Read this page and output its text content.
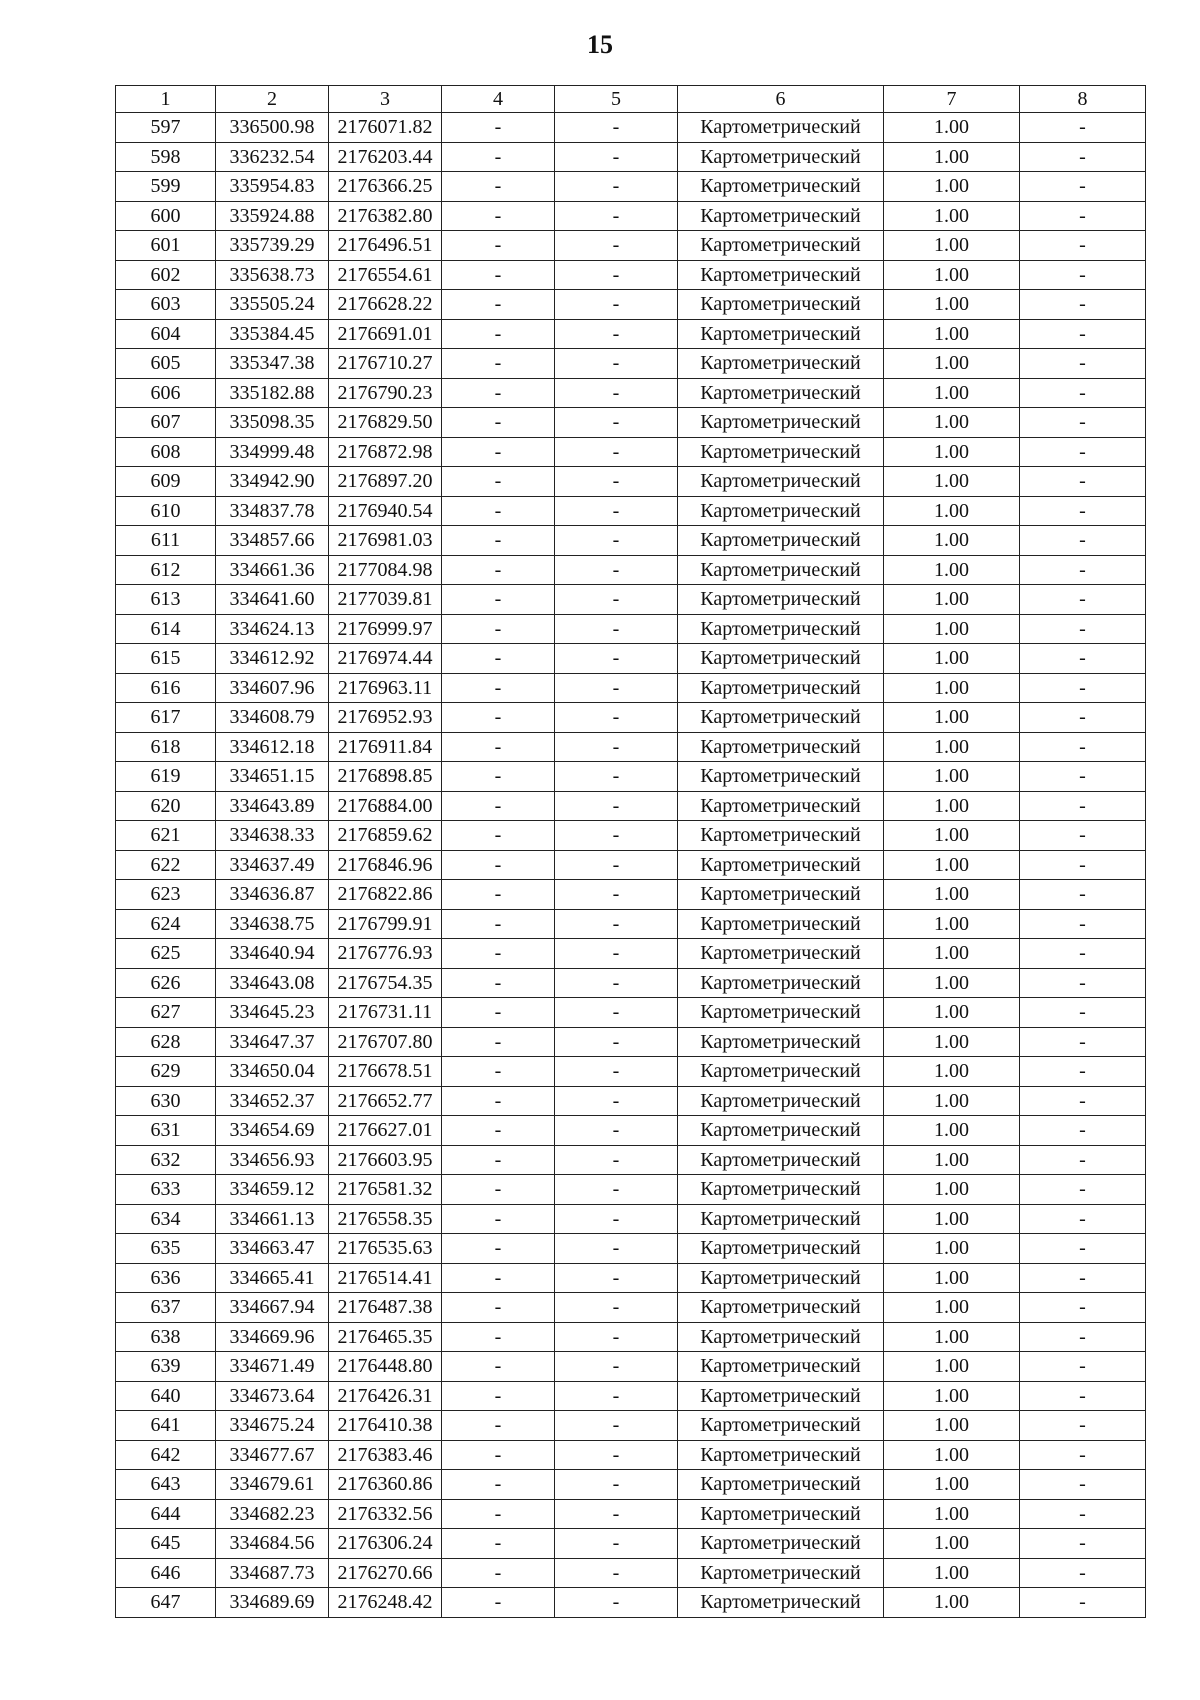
15
1	2	3	4	5	6	7	8
597	336500.98	2176071.82	-	-	Картометрический	1.00	-
598	336232.54	2176203.44	-	-	Картометрический	1.00	-
599	335954.83	2176366.25	-	-	Картометрический	1.00	-
600	335924.88	2176382.80	-	-	Картометрический	1.00	-
601	335739.29	2176496.51	-	-	Картометрический	1.00	-
602	335638.73	2176554.61	-	-	Картометрический	1.00	-
603	335505.24	2176628.22	-	-	Картометрический	1.00	-
604	335384.45	2176691.01	-	-	Картометрический	1.00	-
605	335347.38	2176710.27	-	-	Картометрический	1.00	-
606	335182.88	2176790.23	-	-	Картометрический	1.00	-
607	335098.35	2176829.50	-	-	Картометрический	1.00	-
608	334999.48	2176872.98	-	-	Картометрический	1.00	-
609	334942.90	2176897.20	-	-	Картометрический	1.00	-
610	334837.78	2176940.54	-	-	Картометрический	1.00	-
611	334857.66	2176981.03	-	-	Картометрический	1.00	-
612	334661.36	2177084.98	-	-	Картометрический	1.00	-
613	334641.60	2177039.81	-	-	Картометрический	1.00	-
614	334624.13	2176999.97	-	-	Картометрический	1.00	-
615	334612.92	2176974.44	-	-	Картометрический	1.00	-
616	334607.96	2176963.11	-	-	Картометрический	1.00	-
617	334608.79	2176952.93	-	-	Картометрический	1.00	-
618	334612.18	2176911.84	-	-	Картометрический	1.00	-
619	334651.15	2176898.85	-	-	Картометрический	1.00	-
620	334643.89	2176884.00	-	-	Картометрический	1.00	-
621	334638.33	2176859.62	-	-	Картометрический	1.00	-
622	334637.49	2176846.96	-	-	Картометрический	1.00	-
623	334636.87	2176822.86	-	-	Картометрический	1.00	-
624	334638.75	2176799.91	-	-	Картометрический	1.00	-
625	334640.94	2176776.93	-	-	Картометрический	1.00	-
626	334643.08	2176754.35	-	-	Картометрический	1.00	-
627	334645.23	2176731.11	-	-	Картометрический	1.00	-
628	334647.37	2176707.80	-	-	Картометрический	1.00	-
629	334650.04	2176678.51	-	-	Картометрический	1.00	-
630	334652.37	2176652.77	-	-	Картометрический	1.00	-
631	334654.69	2176627.01	-	-	Картометрический	1.00	-
632	334656.93	2176603.95	-	-	Картометрический	1.00	-
633	334659.12	2176581.32	-	-	Картометрический	1.00	-
634	334661.13	2176558.35	-	-	Картометрический	1.00	-
635	334663.47	2176535.63	-	-	Картометрический	1.00	-
636	334665.41	2176514.41	-	-	Картометрический	1.00	-
637	334667.94	2176487.38	-	-	Картометрический	1.00	-
638	334669.96	2176465.35	-	-	Картометрический	1.00	-
639	334671.49	2176448.80	-	-	Картометрический	1.00	-
640	334673.64	2176426.31	-	-	Картометрический	1.00	-
641	334675.24	2176410.38	-	-	Картометрический	1.00	-
642	334677.67	2176383.46	-	-	Картометрический	1.00	-
643	334679.61	2176360.86	-	-	Картометрический	1.00	-
644	334682.23	2176332.56	-	-	Картометрический	1.00	-
645	334684.56	2176306.24	-	-	Картометрический	1.00	-
646	334687.73	2176270.66	-	-	Картометрический	1.00	-
647	334689.69	2176248.42	-	-	Картометрический	1.00	-
